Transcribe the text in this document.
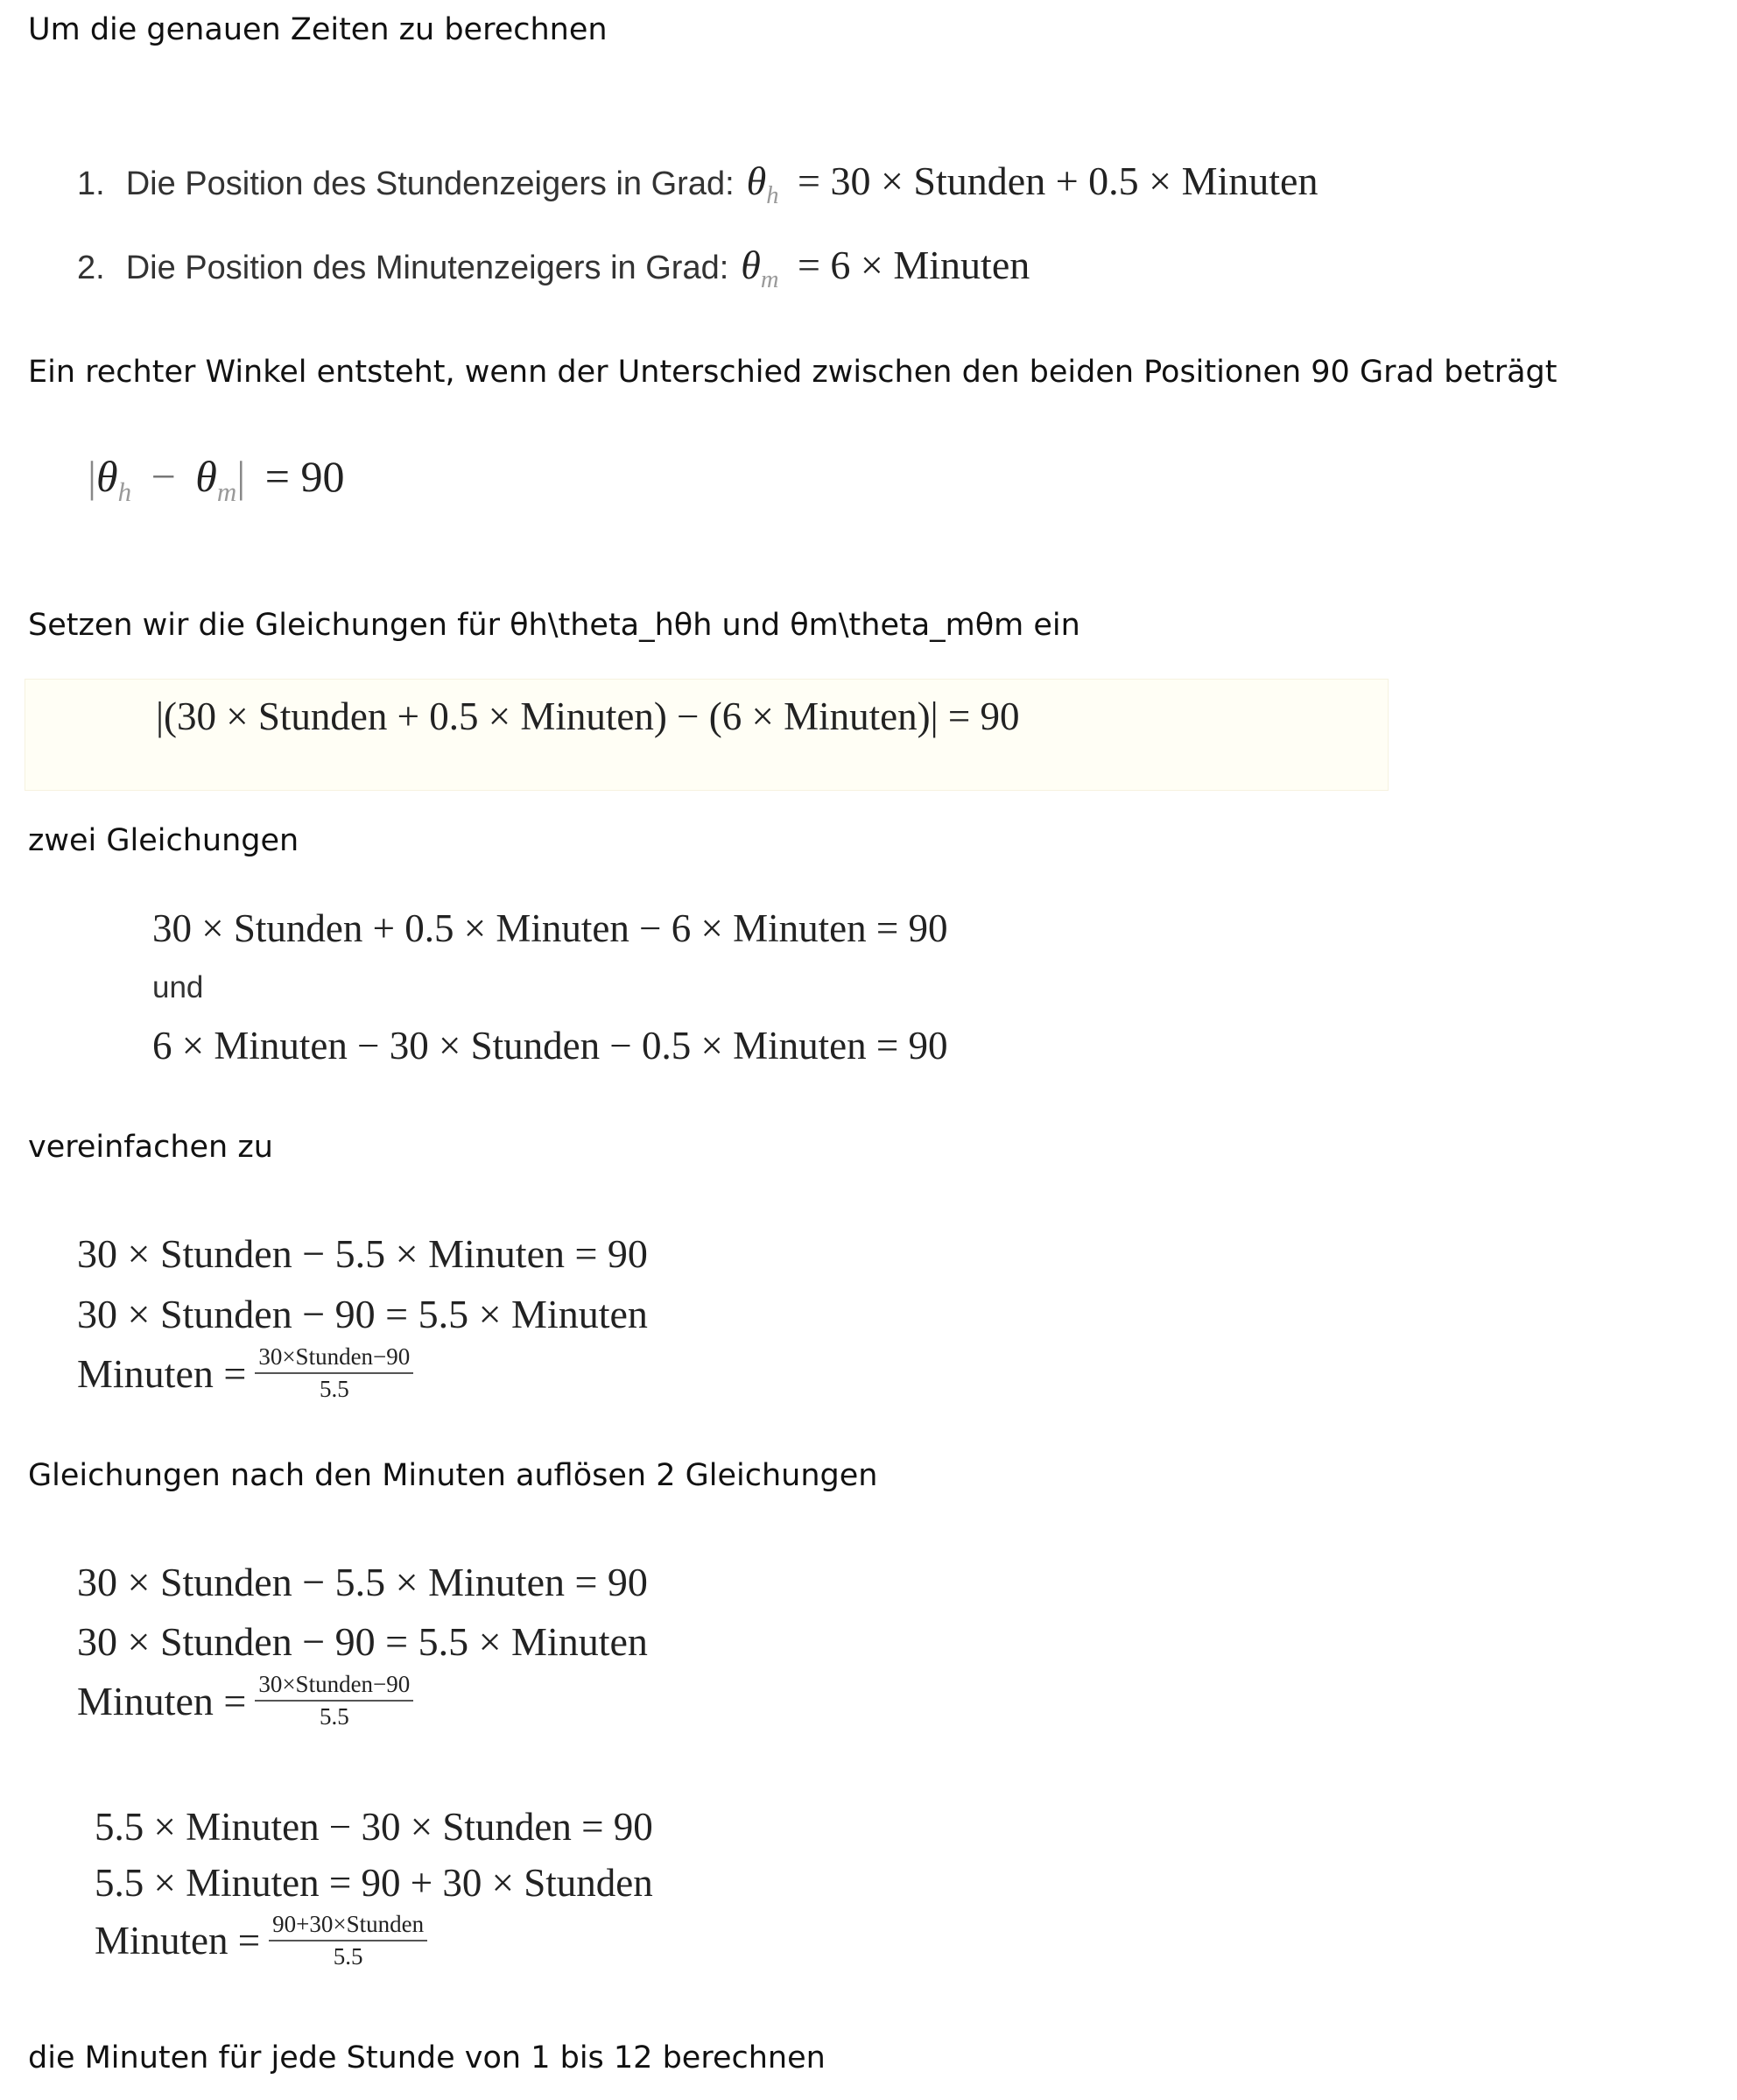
Um die genauen Zeiten zu berechnen
1. Die Position des Stundenzeigers in Grad: $\theta_h = 30$ × Stunden + 0.5 × Minuten
2. Die Position des Minutenzeigers in Grad: $\theta_m = 6$ × Minuten
Ein rechter Winkel entsteht, wenn der Unterschied zwischen den beiden Positionen 90 Grad beträgt
$|\theta_h - \theta_m| = 90$
Setzen wir die Gleichungen für θh\theta_hθh und θm\theta_mθm ein
|(30 × Stunden + 0.5 × Minuten) − (6 × Minuten)| = 90
zwei Gleichungen
30 × Stunden + 0.5 × Minuten − 6 × Minuten = 90
und
6 × Minuten − 30 × Stunden − 0.5 × Minuten = 90
vereinfachen zu
30 × Stunden − 5.5 × Minuten = 90
30 × Stunden − 90 = 5.5 × Minuten
Minuten = $\frac{\text{30×Stunden−90}}{5.5}$
Gleichungen nach den Minuten auflösen 2 Gleichungen
30 × Stunden − 5.5 × Minuten = 90
30 × Stunden − 90 = 5.5 × Minuten
Minuten = $\frac{\text{30×Stunden−90}}{5.5}$
5.5 × Minuten − 30 × Stunden = 90
5.5 × Minuten = 90 + 30 × Stunden
Minuten = $\frac{\text{90+30×Stunden}}{5.5}$
die Minuten für jede Stunde von 1 bis 12 berechnen
